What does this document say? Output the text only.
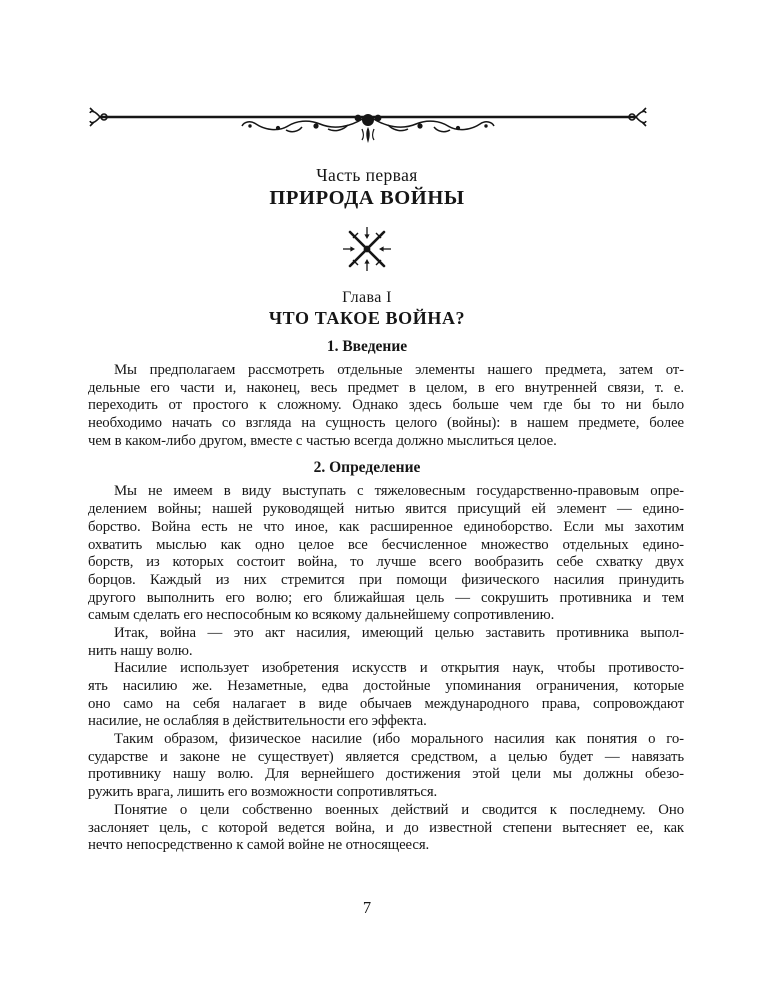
Часть первая
ПРИРОДА ВОЙНЫ
Глава I
ЧТО ТАКОЕ ВОЙНА?
1. Введение
Мы предполагаем рассмотреть отдельные элементы нашего предмета, затем от-
дельные его части и, наконец, весь предмет в целом, в его внутренней связи, т. е.
переходить от простого к сложному. Однако здесь больше чем где бы то ни было
необходимо начать со взгляда на сущность целого (войны): в нашем предмете, более
чем в каком-либо другом, вместе с частью всегда должно мыслиться целое.
2. Определение
Мы не имеем в виду выступать с тяжеловесным государственно-правовым опре-
делением войны; нашей руководящей нитью явится присущий ей элемент — едино-
борство. Война есть не что иное, как расширенное единоборство. Если мы захотим
охватить мыслью как одно целое все бесчисленное множество отдельных едино-
борств, из которых состоит война, то лучше всего вообразить себе схватку двух
борцов. Каждый из них стремится при помощи физического насилия принудить
другого выполнить его волю; его ближайшая цель — сокрушить противника и тем
самым сделать его неспособным ко всякому дальнейшему сопротивлению.
Итак, война — это акт насилия, имеющий целью заставить противника выпол-
нить нашу волю.
Насилие использует изобретения искусств и открытия наук, чтобы противосто-
ять насилию же. Незаметные, едва достойные упоминания ограничения, которые
оно само на себя налагает в виде обычаев международного права, сопровождают
насилие, не ослабляя в действительности его эффекта.
Таким образом, физическое насилие (ибо морального насилия как понятия о го-
сударстве и законе не существует) является средством, а целью будет — навязать
противнику нашу волю. Для вернейшего достижения этой цели мы должны обезо-
ружить врага, лишить его возможности сопротивляться.
Понятие о цели собственно военных действий и сводится к последнему. Оно
заслоняет цель, с которой ведется война, и до известной степени вытесняет ее, как
нечто непосредственно к самой войне не относящееся.
7
